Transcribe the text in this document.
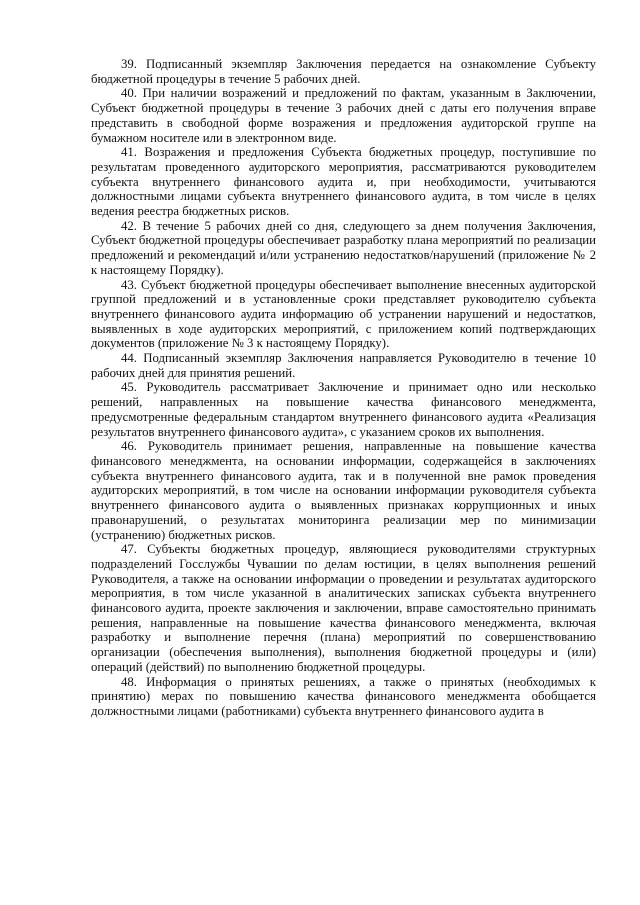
39. Подписанный экземпляр Заключения передается на ознакомление Субъекту бюджетной процедуры в течение 5 рабочих дней.

40. При наличии возражений и предложений по фактам, указанным в Заключении, Субъект бюджетной процедуры в течение 3 рабочих дней с даты его получения вправе представить в свободной форме возражения и предложения аудиторской группе на бумажном носителе или в электронном виде.

41. Возражения и предложения Субъекта бюджетных процедур, поступившие по результатам проведенного аудиторского мероприятия, рассматриваются руководителем субъекта внутреннего финансового аудита и, при необходимости, учитываются должностными лицами субъекта внутреннего финансового аудита, в том числе в целях ведения реестра бюджетных рисков.

42. В течение 5 рабочих дней со дня, следующего за днем получения Заключения, Субъект бюджетной процедуры обеспечивает разработку плана мероприятий по реализации предложений и рекомендаций и/или устранению недостатков/нарушений (приложение № 2 к настоящему Порядку).

43. Субъект бюджетной процедуры обеспечивает выполнение внесенных аудиторской группой предложений и в установленные сроки представляет руководителю субъекта внутреннего финансового аудита информацию об устранении нарушений и недостатков, выявленных в ходе аудиторских мероприятий, с приложением копий подтверждающих документов (приложение № 3 к настоящему Порядку).

44. Подписанный экземпляр Заключения направляется Руководителю в течение 10 рабочих дней для принятия решений.

45. Руководитель рассматривает Заключение и принимает одно или несколько решений, направленных на повышение качества финансового менеджмента, предусмотренные федеральным стандартом внутреннего финансового аудита «Реализация результатов внутреннего финансового аудита», с указанием сроков их выполнения.

46. Руководитель принимает решения, направленные на повышение качества финансового менеджмента, на основании информации, содержащейся в заключениях субъекта внутреннего финансового аудита, так и в полученной вне рамок проведения аудиторских мероприятий, в том числе на основании информации руководителя субъекта внутреннего финансового аудита о выявленных признаках коррупционных и иных правонарушений, о результатах мониторинга реализации мер по минимизации (устранению) бюджетных рисков.

47. Субъекты бюджетных процедур, являющиеся руководителями структурных подразделений Госслужбы Чувашии по делам юстиции, в целях выполнения решений Руководителя, а также на основании информации о проведении и результатах аудиторского мероприятия, в том числе указанной в аналитических записках субъекта внутреннего финансового аудита, проекте заключения и заключении, вправе самостоятельно принимать решения, направленные на повышение качества финансового менеджмента, включая разработку и выполнение перечня (плана) мероприятий по совершенствованию организации (обеспечения выполнения), выполнения бюджетной процедуры и (или) операций (действий) по выполнению бюджетной процедуры.

48. Информация о принятых решениях, а также о принятых (необходимых к принятию) мерах по повышению качества финансового менеджмента обобщается должностными лицами (работниками) субъекта внутреннего финансового аудита в
